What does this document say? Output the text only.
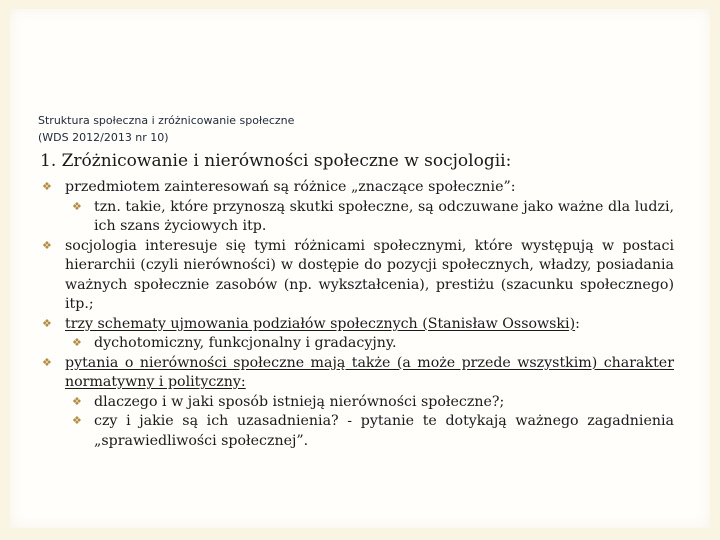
Struktura społeczna i zróżnicowanie społeczne
(WDS 2012/2013 nr 10)
1. Zróżnicowanie i nierówności społeczne w socjologii:

❖ przedmiotem zainteresowań są różnice „znaczące społecznie”:

❖ tzn. takie, które przynoszą skutki społeczne, są odczuwane jako ważne dla ludzi, ich szans życiowych itp.

❖ socjologia interesuje się tymi różnicami społecznymi, które występują w postaci hierarchii (czyli nierówności) w dostępie do pozycji społecznych, władzy, posiadania ważnych społecznie zasobów (np. wykształcenia), prestiżu (szacunku społecznego) itp.;

❖ trzy schematy ujmowania podziałów społecznych (Stanisław Ossowski):

❖ dychotomiczny, funkcjonalny i gradacyjny.

❖ pytania o nierówności społeczne mają także (a może przede wszystkim) charakter normatywny i polityczny:

❖ dlaczego i w jaki sposób istnieją nierówności społeczne?;

❖ czy i jakie są ich uzasadnienia? - pytanie te dotykają ważnego zagadnienia „sprawiedliwości społecznej”.
